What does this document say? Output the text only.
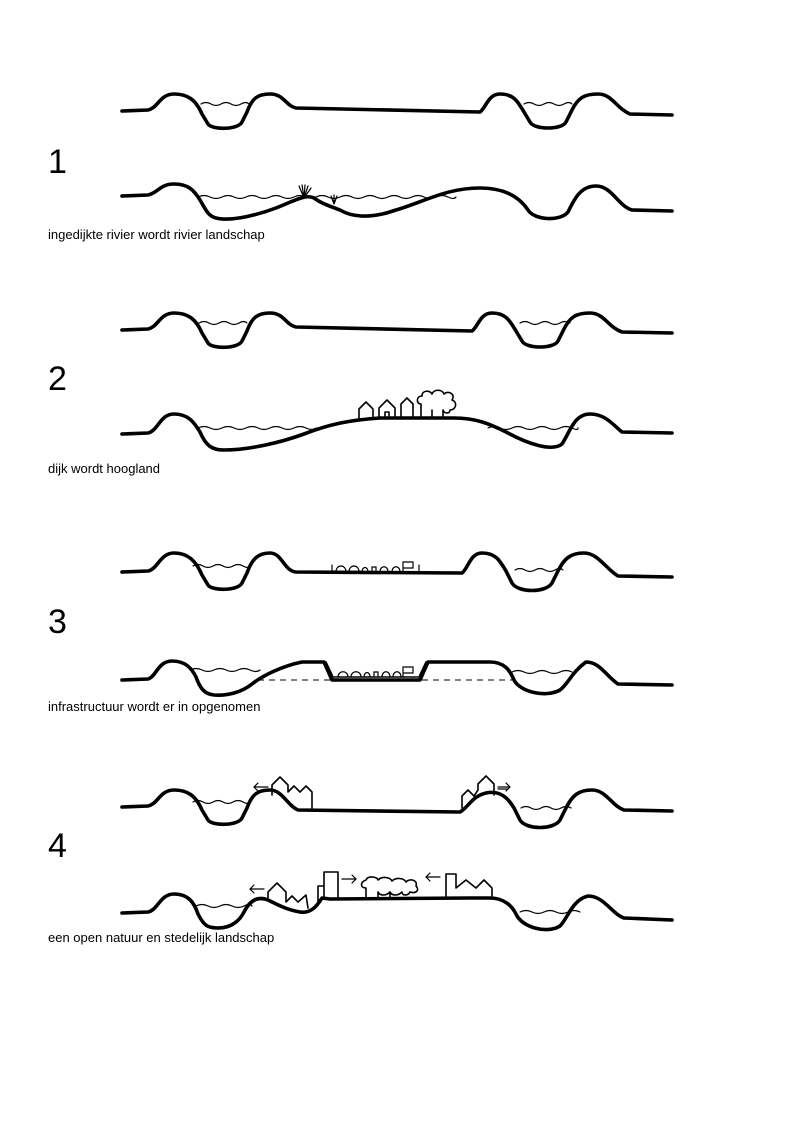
1
2
3
4
ingedijkte rivier wordt rivier landschap
dijk wordt hoogland
infrastructuur wordt er in opgenomen
een open natuur en stedelijk landschap
